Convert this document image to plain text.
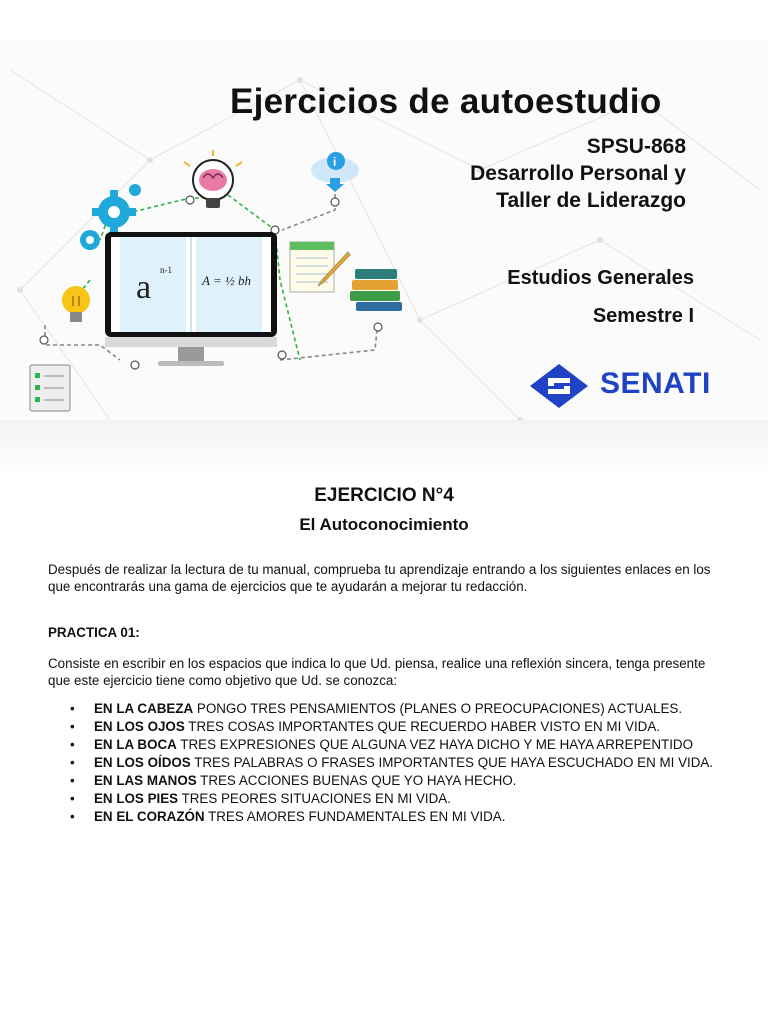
i
a n-1
A = ½ bh
Ejercicios de autoestudio
SPSU-868
Desarrollo Personal y
Taller de Liderazgo
Estudios Generales
Semestre I
SENATI
EJERCICIO N°4
El Autoconocimiento
Después de realizar la lectura de tu manual, comprueba tu aprendizaje entrando a los siguientes enlaces en los que encontrarás una gama de ejercicios que te ayudarán a mejorar tu redacción.
PRACTICA 01:
Consiste en escribir en los espacios que indica lo que Ud. piensa, realice una reflexión sincera, tenga presente que este ejercicio tiene como objetivo que Ud. se conozca:
• EN LA CABEZA PONGO TRES PENSAMIENTOS (PLANES O PREOCUPACIONES) ACTUALES.
• EN LOS OJOS TRES COSAS IMPORTANTES QUE RECUERDO HABER VISTO EN MI VIDA.
• EN LA BOCA TRES EXPRESIONES QUE ALGUNA VEZ HAYA DICHO Y ME HAYA ARREPENTIDO
• EN LOS OÍDOS TRES PALABRAS O FRASES IMPORTANTES QUE HAYA ESCUCHADO EN MI VIDA.
• EN LAS MANOS TRES ACCIONES BUENAS QUE YO HAYA HECHO.
• EN LOS PIES TRES PEORES SITUACIONES EN MI VIDA.
• EN EL CORAZÓN TRES AMORES FUNDAMENTALES EN MI VIDA.
